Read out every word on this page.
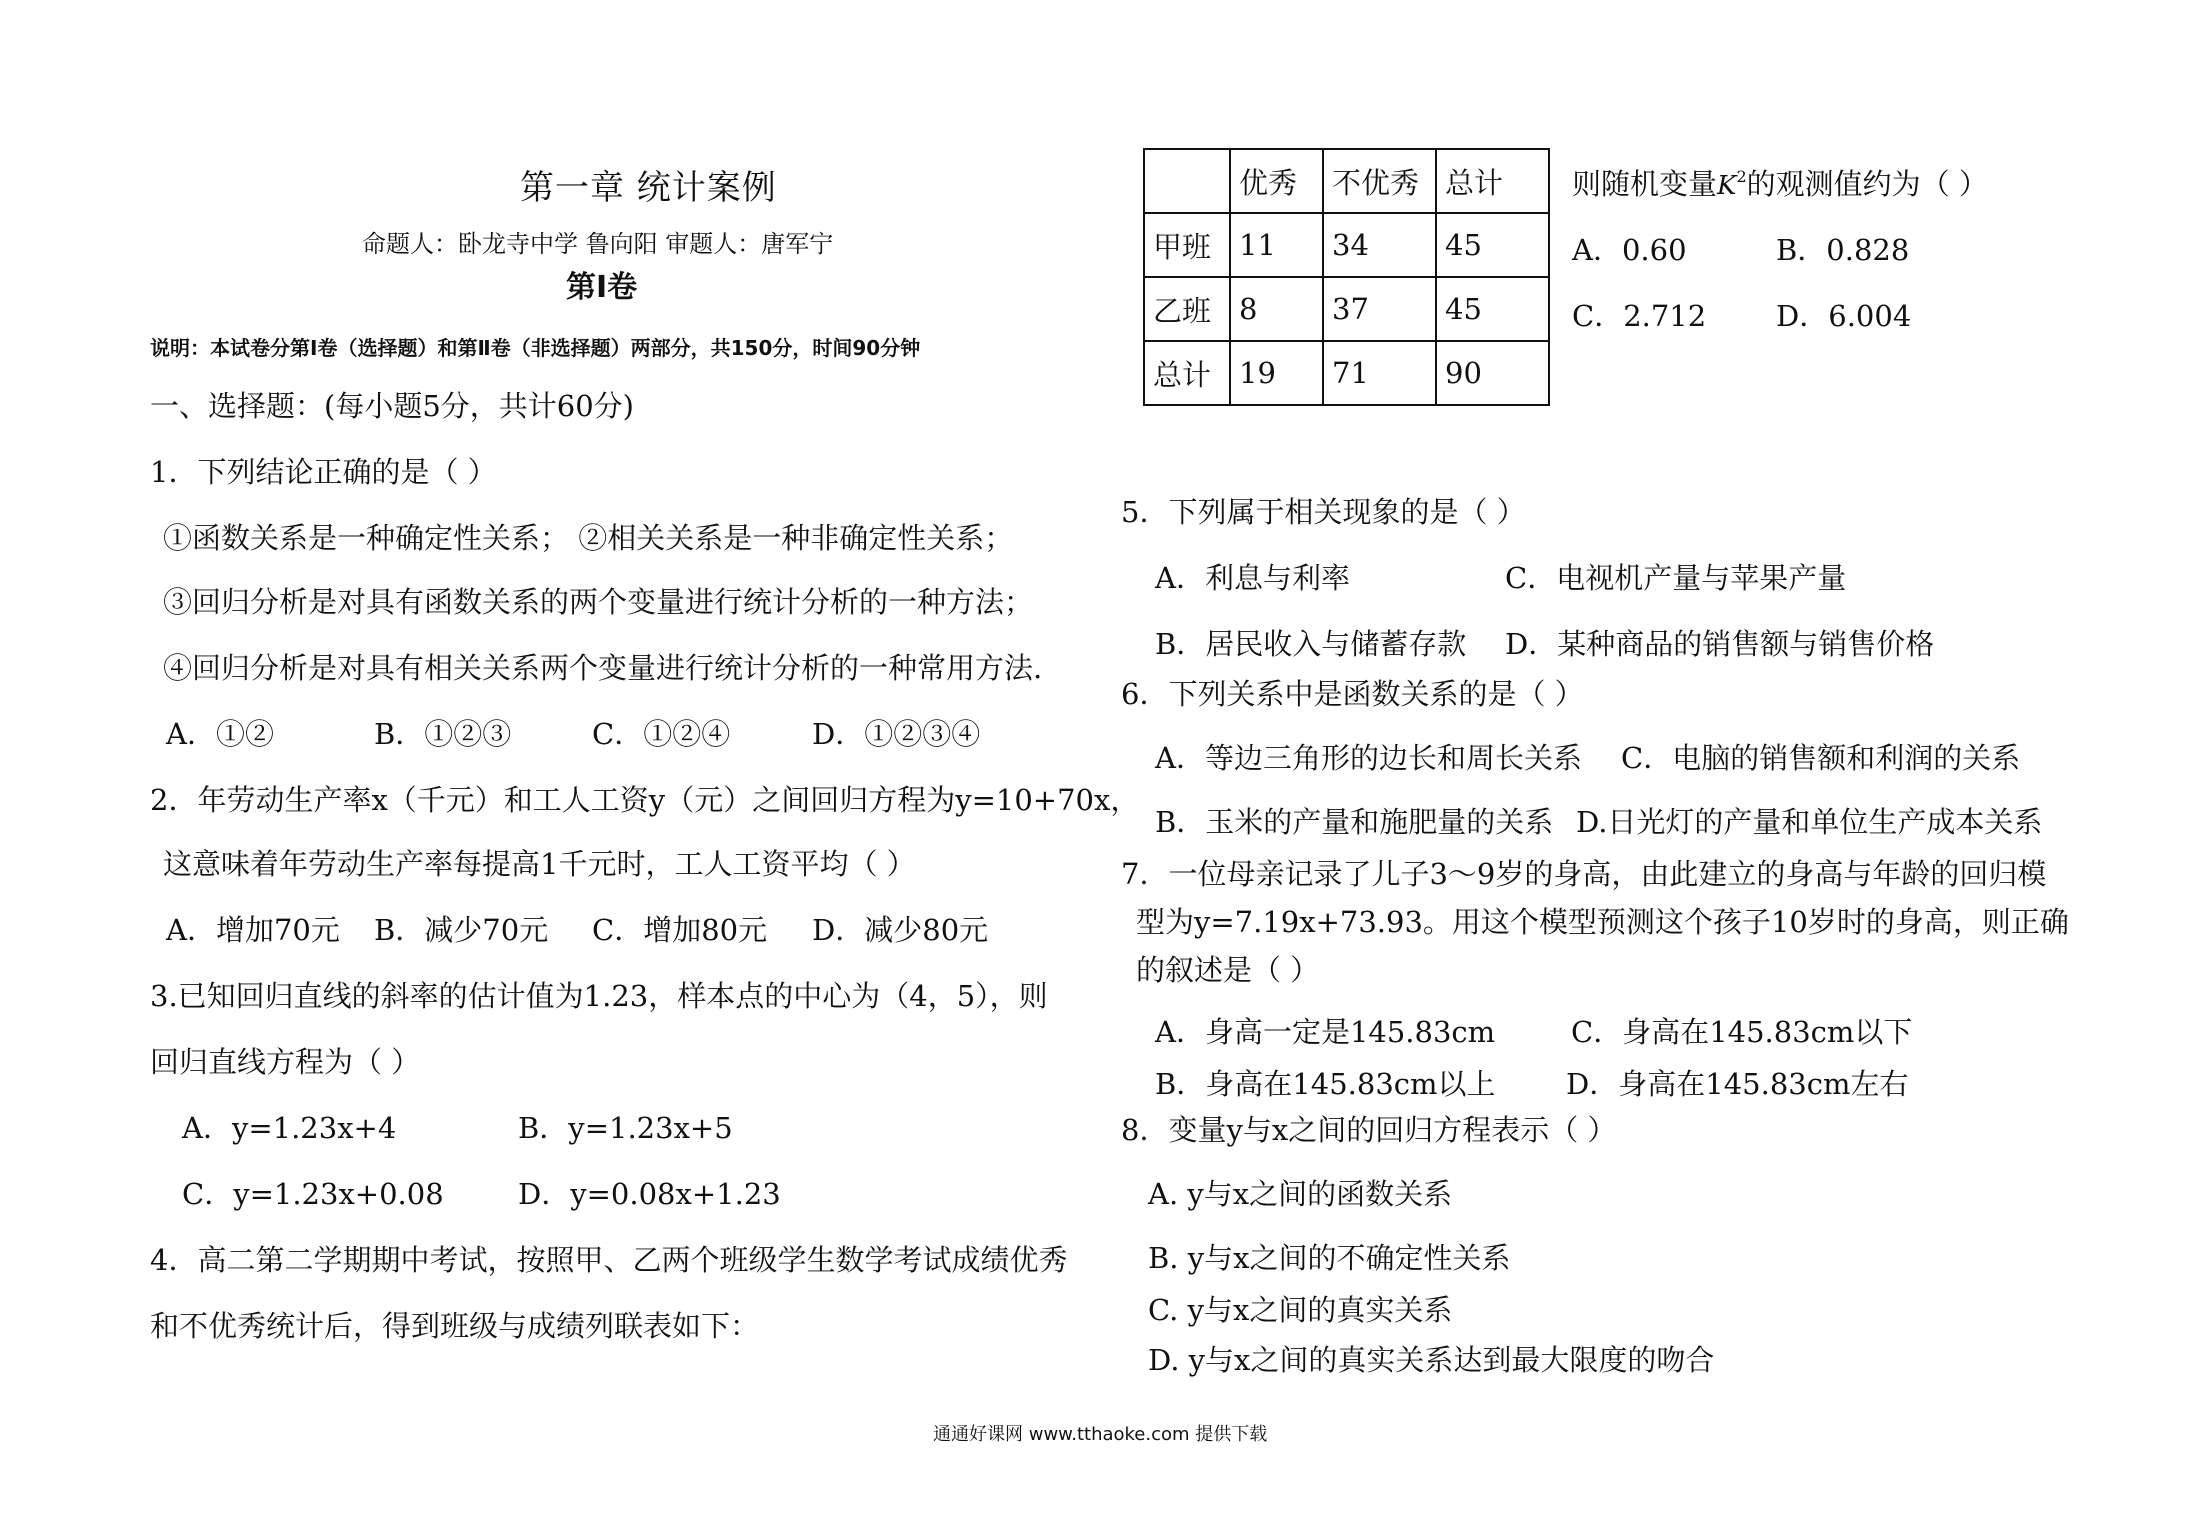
第一章 统计案例
命题人：卧龙寺中学 鲁向阳 审题人：唐军宁
第Ⅰ卷
说明：本试卷分第Ⅰ卷（选择题）和第Ⅱ卷（非选择题）两部分，共150分，时间90分钟
一、选择题：(每小题5分，共计60分)
1．下列结论正确的是（ ）
①函数关系是一种确定性关系； ②相关关系是一种非确定性关系；
③回归分析是对具有函数关系的两个变量进行统计分析的一种方法；
④回归分析是对具有相关关系两个变量进行统计分析的一种常用方法.
A．①②	B．①②③	C．①②④	D．①②③④
2．年劳动生产率x（千元）和工人工资y（元）之间回归方程为y=10+70x，
这意味着年劳动生产率每提高1千元时，工人工资平均（ ）
A．增加70元 B．减少70元 C．增加80元 D．减少80元
3.已知回归直线的斜率的估计值为1.23，样本点的中心为（4，5），则
回归直线方程为（ ）
A．y=1.23x+4	B．y=1.23x+5
C．y=1.23x+0.08	D．y=0.08x+1.23
4．高二第二学期期中考试，按照甲、乙两个班级学生数学考试成绩优秀
和不优秀统计后，得到班级与成绩列联表如下：
	优秀	不优秀	总计
甲班	11	34	45
乙班	8	37	45
总计	19	71	90
则随机变量$K^2$的观测值约为（ ）
A．0.60	B．0.828
C．2.712 D．6.004
5．下列属于相关现象的是（ ）
A．利息与利率	C．电视机产量与苹果产量
B．居民收入与储蓄存款 D．某种商品的销售额与销售价格
6．下列关系中是函数关系的是（ ）
A．等边三角形的边长和周长关系 C．电脑的销售额和利润的关系
B．玉米的产量和施肥量的关系 D.日光灯的产量和单位生产成本关系
7．一位母亲记录了儿子3～9岁的身高，由此建立的身高与年龄的回归模
型为y=7.19x+73.93。用这个模型预测这个孩子10岁时的身高，则正确
的叙述是（ ）
A．身高一定是145.83cm	C．身高在145.83cm以下
B．身高在145.83cm以上 D．身高在145.83cm左右
8．变量y与x之间的回归方程表示（ ）
A. y与x之间的函数关系
B. y与x之间的不确定性关系
C. y与x之间的真实关系
D. y与x之间的真实关系达到最大限度的吻合
通通好课网 www.tthaoke.com 提供下载
